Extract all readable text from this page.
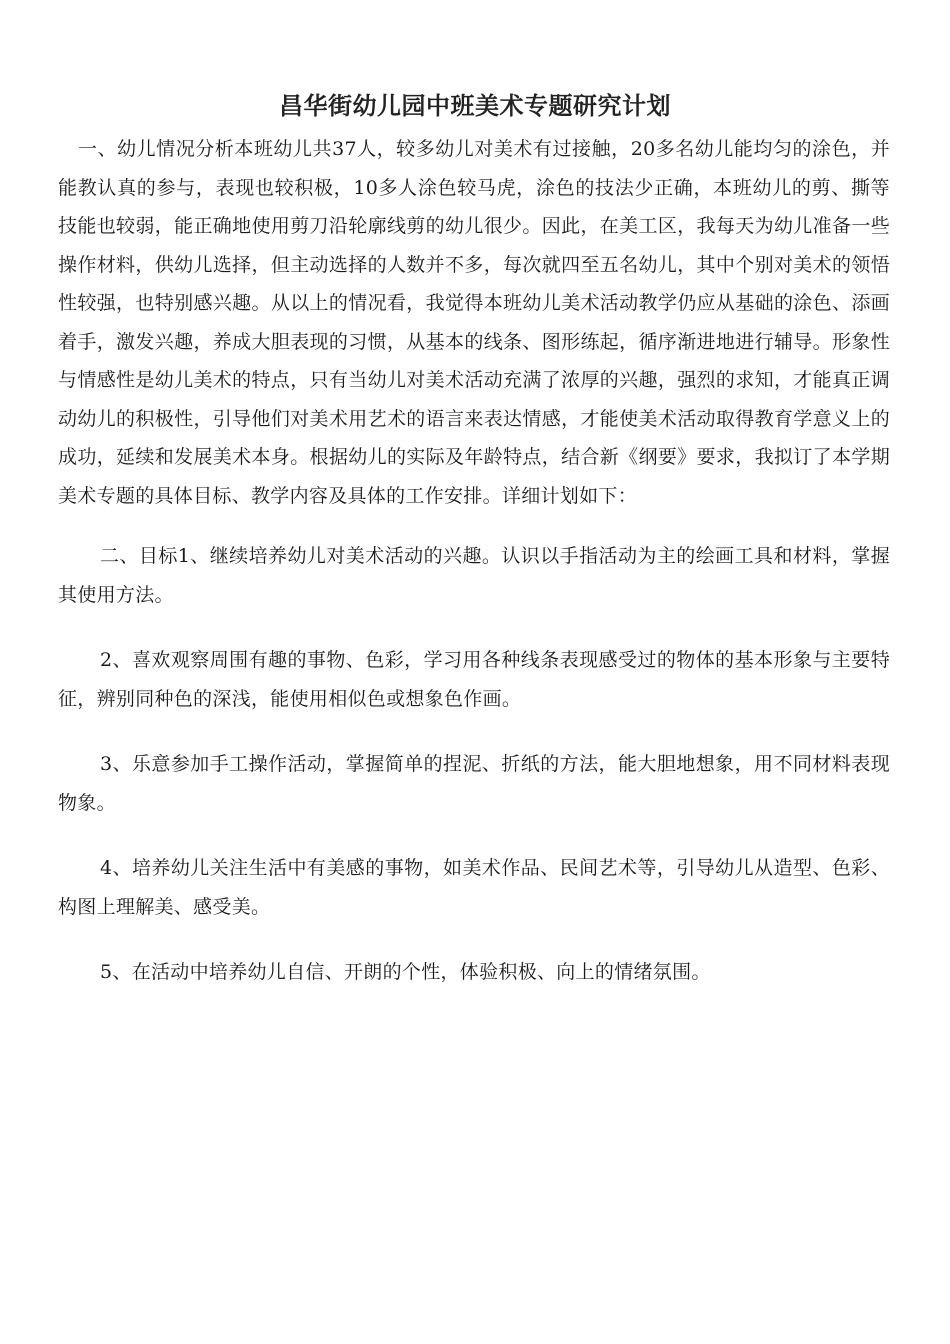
昌华街幼儿园中班美术专题研究计划

一、幼儿情况分析本班幼儿共37人，较多幼儿对美术有过接触，20多名幼儿能均匀的涂色，并能教认真的参与，表现也较积极，10多人涂色较马虎，涂色的技法少正确，本班幼儿的剪、撕等技能也较弱，能正确地使用剪刀沿轮廓线剪的幼儿很少。因此，在美工区，我每天为幼儿准备一些操作材料，供幼儿选择，但主动选择的人数并不多，每次就四至五名幼儿，其中个别对美术的领悟性较强，也特别感兴趣。从以上的情况看，我觉得本班幼儿美术活动教学仍应从基础的涂色、添画着手，激发兴趣，养成大胆表现的习惯，从基本的线条、图形练起，循序渐进地进行辅导。形象性与情感性是幼儿美术的特点，只有当幼儿对美术活动充满了浓厚的兴趣，强烈的求知，才能真正调动幼儿的积极性，引导他们对美术用艺术的语言来表达情感，才能使美术活动取得教育学意义上的成功，延续和发展美术本身。根据幼儿的实际及年龄特点，结合新《纲要》要求，我拟订了本学期美术专题的具体目标、教学内容及具体的工作安排。详细计划如下：

二、目标1、继续培养幼儿对美术活动的兴趣。认识以手指活动为主的绘画工具和材料，掌握其使用方法。

2、喜欢观察周围有趣的事物、色彩，学习用各种线条表现感受过的物体的基本形象与主要特征，辨别同种色的深浅，能使用相似色或想象色作画。

3、乐意参加手工操作活动，掌握简单的捏泥、折纸的方法，能大胆地想象，用不同材料表现物象。

4、培养幼儿关注生活中有美感的事物，如美术作品、民间艺术等，引导幼儿从造型、色彩、构图上理解美、感受美。

5、在活动中培养幼儿自信、开朗的个性，体验积极、向上的情绪氛围。
